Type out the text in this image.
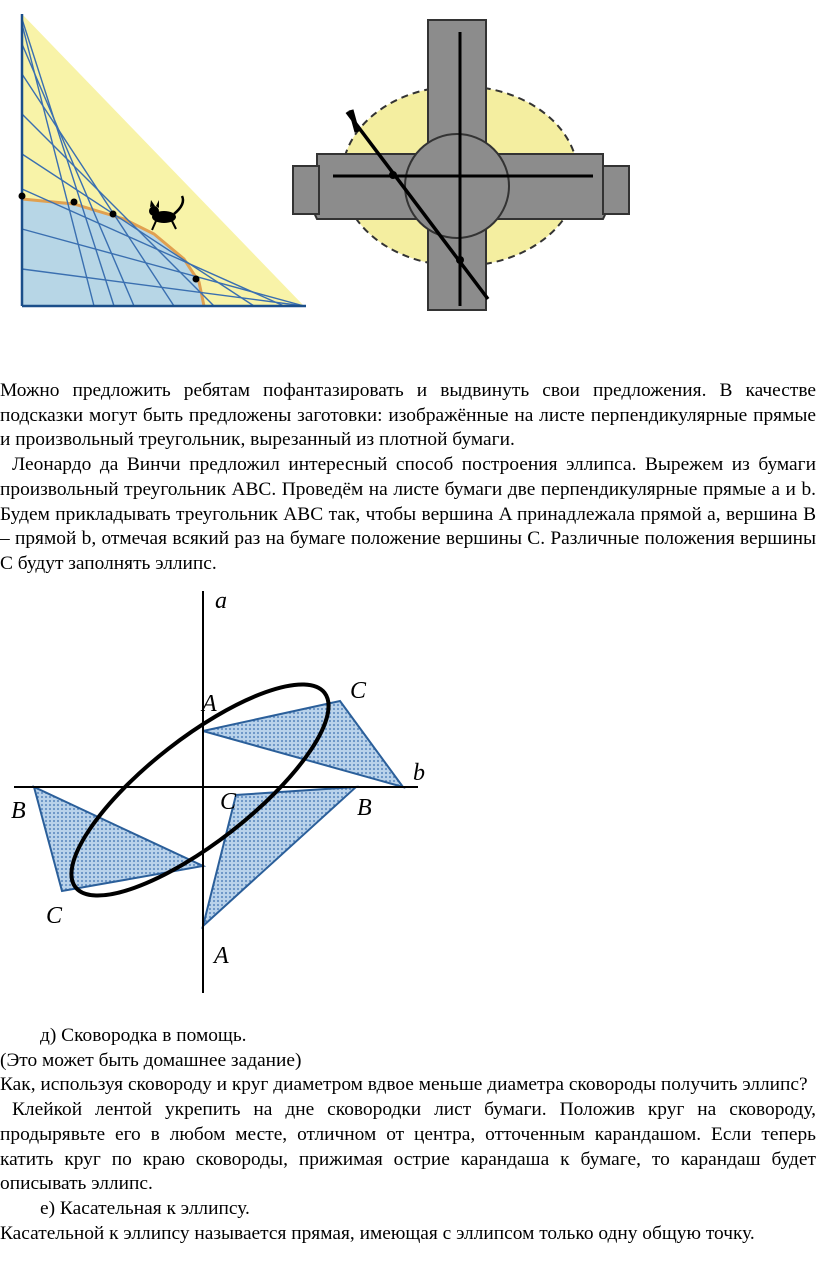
Можно предложить ребятам пофантазировать и выдвинуть свои предложения. В качестве подсказки могут быть предложены заготовки: изображённые на листе перпендикулярные прямые и произвольный треугольник, вырезанный из плотной бумаги.

Леонардо да Винчи предложил интересный способ построения эллипса. Вырежем из бумаги произвольный треугольник ABC. Проведём на листе бумаги две перпендикулярные прямые a и b. Будем прикладывать треугольник ABC так, чтобы вершина A принадлежала прямой a, вершина B – прямой b, отмечая всякий раз на бумаге положение вершины C. Различные положения вершины C будут заполнять эллипс.

a
A	C
b
B	C	B
C
A

д) Сковородка в помощь.

(Это может быть домашнее задание)

Как, используя сковороду и круг диаметром вдвое меньше диаметра сковороды получить эллипс?

Клейкой лентой укрепить на дне сковородки лист бумаги. Положив круг на сковороду, продырявьте его в любом месте, отличном от центра, отточенным карандашом. Если теперь катить круг по краю сковороды, прижимая острие карандаша к бумаге, то карандаш будет описывать эллипс.

е) Касательная к эллипсу.

Касательной к эллипсу называется прямая, имеющая с эллипсом только одну общую точку.
